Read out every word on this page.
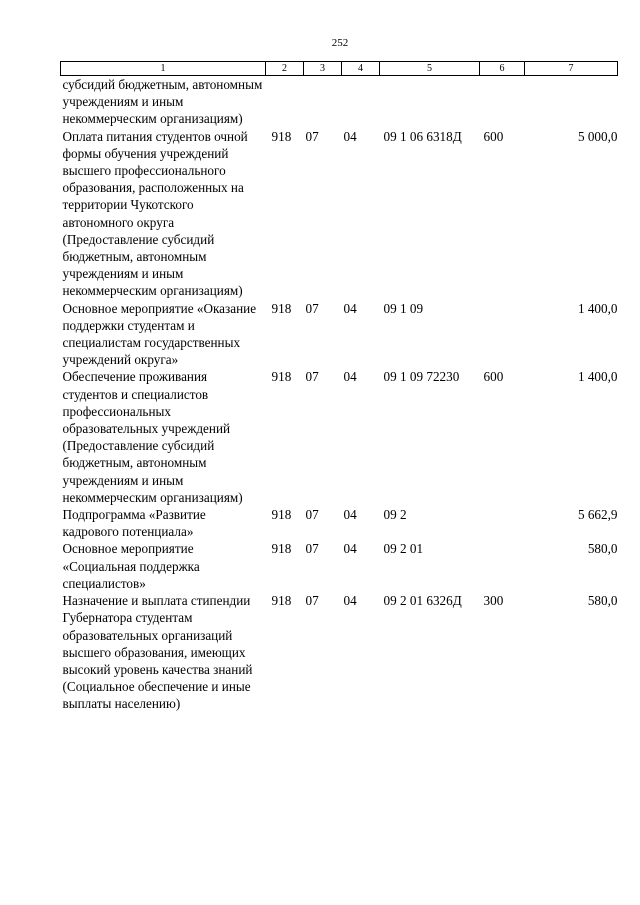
252
1	2	3	4	5	6	7
субсидий бюджетным, автономным учреждениям и иным некоммерческим организациям)						
Оплата питания студентов очной формы обучения учреждений высшего профессионального образования, расположенных на территории Чукотского автономного округа (Предоставление субсидий бюджетным, автономным учреждениям и иным некоммерческим организациям)	918	07	04	09 1 06 6318Д	600	5 000,0
Основное мероприятие «Оказание поддержки студентам и специалистам государственных учреждений округа»	918	07	04	09 1 09		1 400,0
Обеспечение проживания студентов и специалистов профессиональных образовательных учреждений (Предоставление субсидий бюджетным, автономным учреждениям и иным некоммерческим организациям)	918	07	04	09 1 09 72230	600	1 400,0
Подпрограмма «Развитие кадрового потенциала»	918	07	04	09 2		5 662,9
Основное мероприятие «Социальная поддержка специалистов»	918	07	04	09 2 01		580,0
Назначение и выплата стипендии Губернатора студентам образовательных организаций высшего образования, имеющих высокий уровень качества знаний (Социальное обеспечение и иные выплаты населению)	918	07	04	09 2 01 6326Д	300	580,0
